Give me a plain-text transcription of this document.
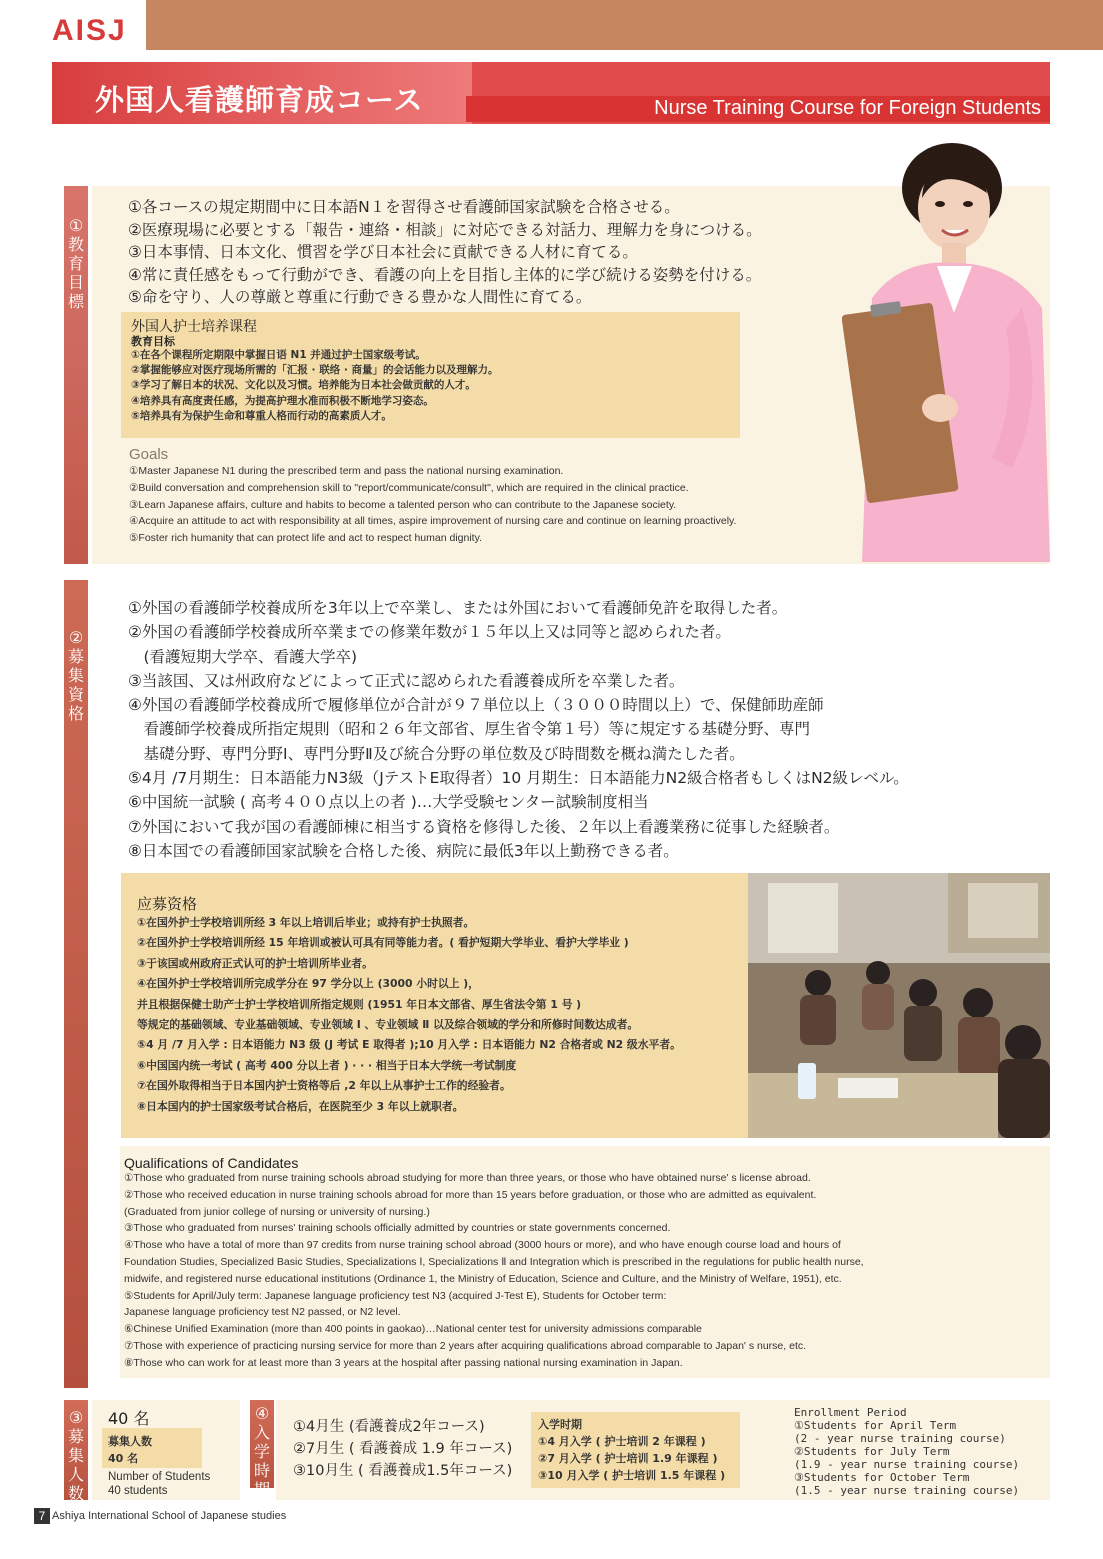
AISJ
外国人看護師育成コース	Nurse Training Course for Foreign Students
①
教
育
目
標
①各コースの規定期間中に日本語N１を習得させ看護師国家試験を合格させる。
②医療現場に必要とする「報告・連絡・相談」に対応できる対話力、理解力を身につける。
③日本事情、日本文化、慣習を学び日本社会に貢献できる人材に育てる。
④常に責任感をもって行動ができ、看護の向上を目指し主体的に学び続ける姿勢を付ける。
⑤命を守り、人の尊厳と尊重に行動できる豊かな人間性に育てる。
外国人护士培养课程
教育目标
①在各个课程所定期限中掌握日语 N1 并通过护士国家级考试。
②掌握能够应对医疗现场所需的「汇报 · 联络 · 商量」的会话能力以及理解力。
③学习了解日本的状况、文化以及习惯。培养能为日本社会做贡献的人才。
④培养具有高度责任感，为提高护理水准而积极不断地学习姿态。
⑤培养具有为保护生命和尊重人格而行动的高素质人才。
Goals
①Master Japanese N1 during the prescribed term and pass the national nursing examination.
②Build conversation and comprehension skill to "report/communicate/consult", which are required in the clinical practice.
③Learn Japanese affairs, culture and habits to become a talented person who can contribute to the Japanese society.
④Acquire an attitude to act with responsibility at all times, aspire improvement of nursing care and continue on learning proactively.
⑤Foster rich humanity that can protect life and act to respect human dignity.
②
募
集
資
格
①外国の看護師学校養成所を3年以上で卒業し、または外国において看護師免許を取得した者。
②外国の看護師学校養成所卒業までの修業年数が１５年以上又は同等と認められた者。
　(看護短期大学卒、看護大学卒)
③当該国、又は州政府などによって正式に認められた看護養成所を卒業した者。
④外国の看護師学校養成所で履修単位が合計が９７単位以上（３０００時間以上）で、保健師助産師
　看護師学校養成所指定規則（昭和２６年文部省、厚生省令第１号）等に規定する基礎分野、専門
　基礎分野、専門分野Ⅰ、専門分野Ⅱ及び統合分野の単位数及び時間数を概ね満たした者。
⑤4月 /7月期生：日本語能力N3級（JテストE取得者）10 月期生：日本語能力N2級合格者もしくはN2級レベル。
⑥中国統一試験 ( 高考４００点以上の者 )…大学受験センター試験制度相当
⑦外国において我が国の看護師棟に相当する資格を修得した後、２年以上看護業務に従事した経験者。
⑧日本国での看護師国家試験を合格した後、病院に最低3年以上勤務できる者。
应募资格
①在国外护士学校培训所经 3 年以上培训后毕业；或持有护士执照者。
②在国外护士学校培训所经 15 年培训或被认可具有同等能力者。( 看护短期大学毕业、看护大学毕业 )
③于该国或州政府正式认可的护士培训所毕业者。
④在国外护士学校培训所完成学分在 97 学分以上 (3000 小时以上 )，
并且根据保健士助产士护士学校培训所指定规则 (1951 年日本文部省、厚生省法令第 1 号 )
等规定的基础领域、专业基础领域、专业领域 Ⅰ 、专业领域 Ⅱ 以及综合领域的学分和所修时间数达成者。
⑤4 月 /7 月入学 : 日本语能力 N3 级 (J 考试 E 取得者 );10 月入学 : 日本语能力 N2 合格者或 N2 级水平者。
⑥中国国内统一考试 ( 高考 400 分以上者 ) · · · 相当于日本大学统一考试制度
⑦在国外取得相当于日本国内护士资格等后 ,2 年以上从事护士工作的经验者。
⑧日本国内的护士国家级考试合格后，在医院至少 3 年以上就职者。
Qualifications of Candidates
①Those who graduated from nurse training schools abroad studying for more than three years, or those who have obtained nurse' s license abroad.
②Those who received education in nurse training schools abroad for more than 15 years before graduation, or those who are admitted as equivalent.
(Graduated from junior college of nursing or university of nursing.)
③Those who graduated from nurses' training schools officially admitted by countries or state governments concerned.
④Those who have a total of more than 97 credits from nurse training school abroad (3000 hours or more), and who have enough course load and hours of
Foundation Studies, Specialized Basic Studies, Specializations Ⅰ, Specializations Ⅱ and Integration which is prescribed in the regulations for public health nurse,
midwife, and registered nurse educational institutions (Ordinance 1, the Ministry of Education, Science and Culture, and the Ministry of Welfare, 1951), etc.
⑤Students for April/July term: Japanese language proficiency test N3 (acquired J-Test E), Students for October term:
Japanese language proficiency test N2 passed, or N2 level.
⑥Chinese Unified Examination (more than 400 points in gaokao)…National center test for university admissions comparable
⑦Those with experience of practicing nursing service for more than 2 years after acquiring qualifications abroad comparable to Japan' s nurse, etc.
⑧Those who can work for at least more than 3 years at the hospital after passing national nursing examination in Japan.
③
募
集
人
数
40 名
募集人数
40 名
Number of Students
40 students
④
入
学
時
期
①4月生 (看護養成2年コース)
②7月生 ( 看護養成 1.9 年コース)
③10月生 ( 看護養成1.5年コース)
入学时期
①4 月入学 ( 护士培训 2 年课程 )
②7 月入学 ( 护士培训 1.9 年课程 )
③10 月入学 ( 护士培训 1.5 年课程 )
Enrollment Period
①Students for April Term
(2 - year nurse training course)
②Students for July Term
(1.9 - year nurse training course)
③Students for October Term
(1.5 - year nurse training course)
7 Ashiya International School of Japanese studies
